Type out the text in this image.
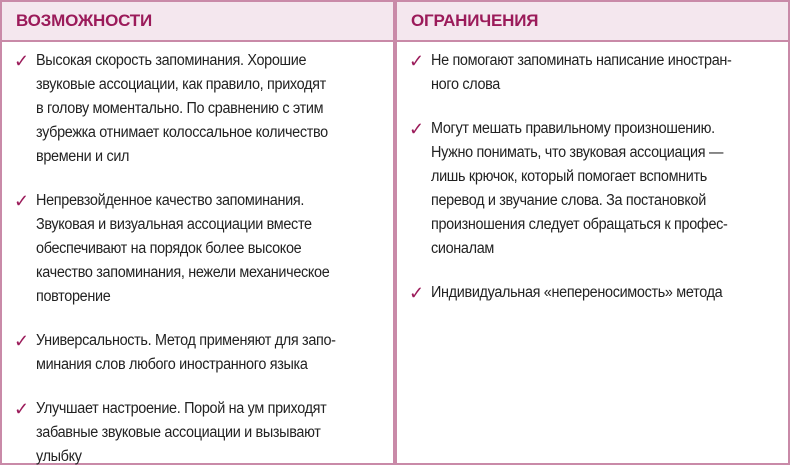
ВОЗМОЖНОСТИ
✓ Высокая скорость запоминания. Хорошие
звуковые ассоциации, как правило, приходят
в голову моментально. По сравнению с этим
зубрежка отнимает колоссальное количество
времени и сил
✓ Непревзойденное качество запоминания.
Звуковая и визуальная ассоциации вместе
обеспечивают на порядок более высокое
качество запоминания, нежели механическое
повторение
✓ Универсальность. Метод применяют для запо-
минания слов любого иностранного языка
✓ Улучшает настроение. Порой на ум приходят
забавные звуковые ассоциации и вызывают
улыбку
ОГРАНИЧЕНИЯ
✓ Не помогают запоминать написание иностран-
ного слова
✓ Могут мешать правильному произношению.
Нужно понимать, что звуковая ассоциация —
лишь крючок, который помогает вспомнить
перевод и звучание слова. За постановкой
произношения следует обращаться к профес-
сионалам
✓ Индивидуальная «непереносимость» метода
